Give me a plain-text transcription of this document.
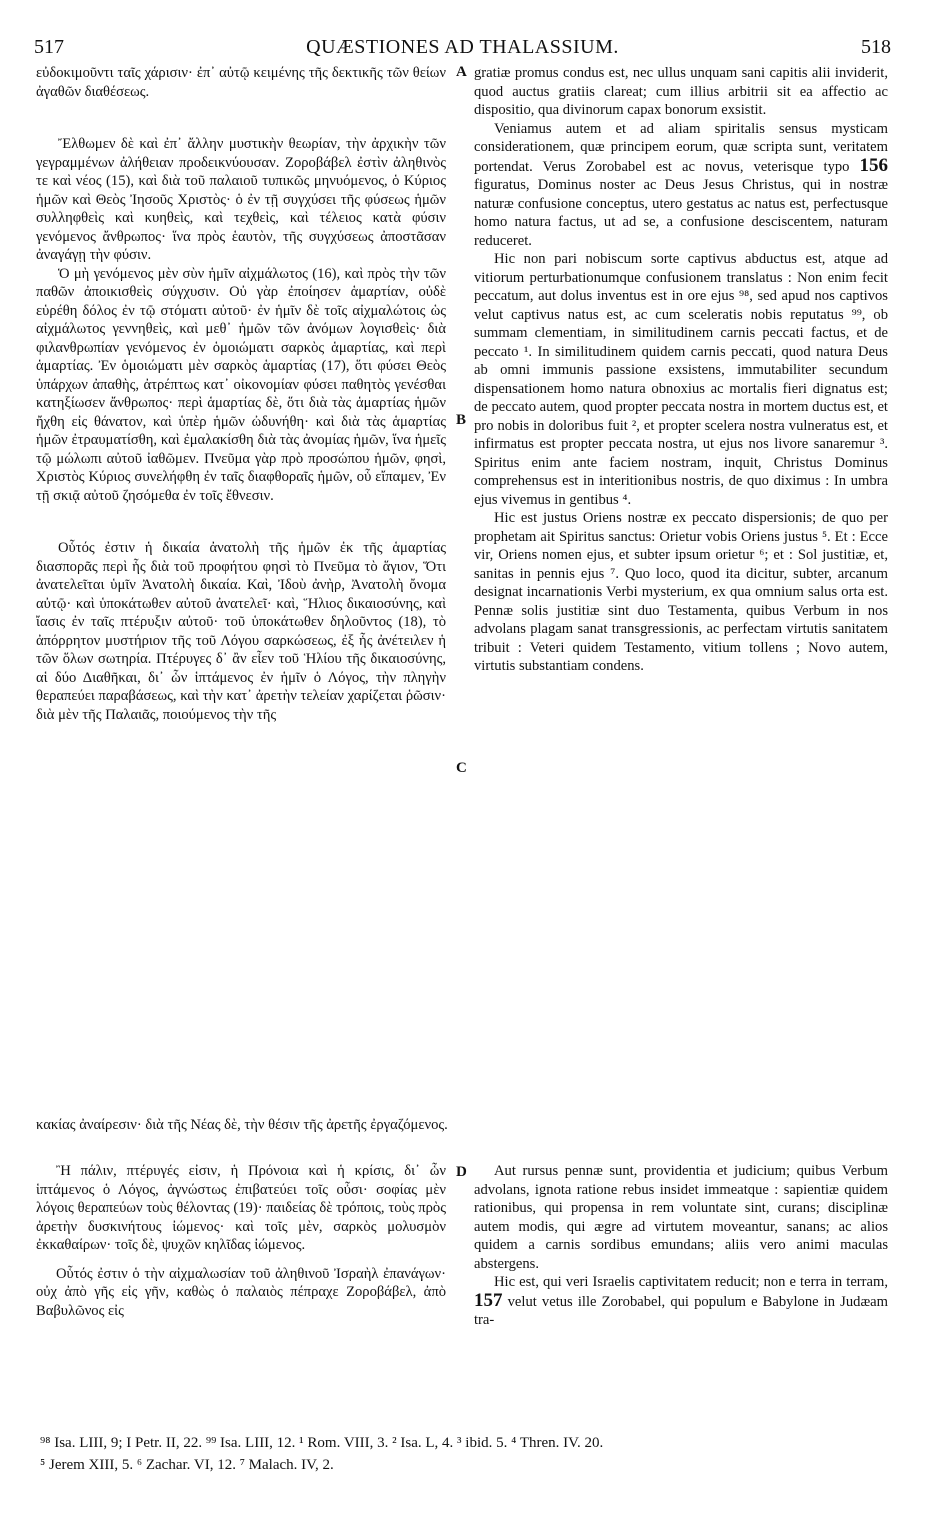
517	QUÆSTIONES AD THALASSIUM.	518

εὐδοκιμοῦντι ταῖς χάρισιν· ἐπ᾽ αὐτῷ κειμένης τῆς δεκτικῆς τῶν θείων ἀγαθῶν διαθέσεως.

Ἔλθωμεν δὲ καὶ ἐπ᾽ ἄλλην μυστικὴν θεωρίαν, τὴν ἀρχικὴν τῶν γεγραμμένων ἀλήθειαν προδεικνύουσαν. Ζοροβάβελ ἐστὶν ἀληθινὸς τε καὶ νέος (15), καὶ διὰ τοῦ παλαιοῦ τυπικῶς μηνυόμενος, ὁ Κύριος ἡμῶν καὶ Θεὸς Ἰησοῦς Χριστὸς· ὁ ἐν τῇ συγχύσει τῆς φύσεως ἡμῶν συλληφθεὶς καὶ κυηθεὶς, καὶ τεχθεὶς, καὶ τέλειος κατὰ φύσιν γενόμενος ἄνθρωπος· ἵνα πρὸς ἑαυτὸν, τῆς συγχύσεως ἀποστᾶσαν ἀναγάγῃ τὴν φύσιν.

Ὁ μὴ γενόμενος μὲν σὺν ἡμῖν αἰχμάλωτος (16), καὶ πρὸς τὴν τῶν παθῶν ἀποικισθεὶς σύγχυσιν. Οὐ γὰρ ἐποίησεν ἁμαρτίαν, οὐδὲ εὑρέθη δόλος ἐν τῷ στόματι αὐτοῦ· ἐν ἡμῖν δὲ τοῖς αἰχμαλώτοις ὡς αἰχμάλωτος γεννηθεὶς, καὶ μεθ᾽ ἡμῶν τῶν ἀνόμων λογισθεὶς· διὰ φιλανθρωπίαν γενόμενος ἐν ὁμοιώματι σαρκὸς ἁμαρτίας, καὶ περὶ ἁμαρτίας. Ἐν ὁμοιώματι μὲν σαρκὸς ἁμαρτίας (17), ὅτι φύσει Θεὸς ὑπάρχων ἀπαθὴς, ἀτρέπτως κατ᾽ οἰκονομίαν φύσει παθητὸς γενέσθαι κατηξίωσεν ἄνθρωπος· περὶ ἁμαρτίας δὲ, ὅτι διὰ τὰς ἁμαρτίας ἡμῶν ἤχθη εἰς θάνατον, καὶ ὑπὲρ ἡμῶν ὠδυνήθη· καὶ διὰ τὰς ἁμαρτίας ἡμῶν ἐτραυματίσθη, καὶ ἐμαλακίσθη διὰ τὰς ἀνομίας ἡμῶν, ἵνα ἡμεῖς τῷ μώλωπι αὐτοῦ ἰαθῶμεν. Πνεῦμα γὰρ πρὸ προσώπου ἡμῶν, φησὶ, Χριστὸς Κύριος συνελήφθη ἐν ταῖς διαφθοραῖς ἡμῶν, οὗ εἴπαμεν, Ἐν τῇ σκιᾷ αὐτοῦ ζησόμεθα ἐν τοῖς ἔθνεσιν.

Οὗτός ἐστιν ἡ δικαία ἀνατολὴ τῆς ἡμῶν ἐκ τῆς ἁμαρτίας διασπορᾶς περὶ ἧς διὰ τοῦ προφήτου φησὶ τὸ Πνεῦμα τὸ ἅγιον, Ὅτι ἀνατελεῖται ὑμῖν Ἀνατολὴ δικαία. Καὶ, Ἰδοὺ ἀνὴρ, Ἀνατολὴ ὄνομα αὐτῷ· καὶ ὑποκάτωθεν αὐτοῦ ἀνατελεῖ· καὶ, Ἥλιος δικαιοσύνης, καὶ ἴασις ἐν ταῖς πτέρυξιν αὐτοῦ· τοῦ ὑποκάτωθεν δηλοῦντος (18), τὸ ἀπόρρητον μυστήριον τῆς τοῦ Λόγου σαρκώσεως, ἐξ ἧς ἀνέτειλεν ἡ τῶν ὅλων σωτηρία. Πτέρυγες δ᾽ ἂν εἶεν τοῦ Ἡλίου τῆς δικαιοσύνης, αἱ δύο Διαθῆκαι, δι᾽ ὧν ἱπτάμενος ἐν ἡμῖν ὁ Λόγος, τὴν πληγὴν θεραπεύει παραβάσεως, καὶ τὴν κατ᾽ ἀρετὴν τελείαν χαρίζεται ῥῶσιν· διὰ μὲν τῆς Παλαιᾶς, ποιούμενος τὴν τῆς

gratiæ promus condus est, nec ullus unquam sani capitis alii inviderit, quod auctus gratiis clareat; cum illius arbitrii sit ea affectio ac dispositio, qua divinorum capax bonorum exsistit.

Veniamus autem et ad aliam spiritalis sensus mysticam considerationem, quæ principem eorum, quæ scripta sunt, veritatem portendat. Verus Zorobabel est ac novus, veterisque typo 156 figuratus, Dominus noster ac Deus Jesus Christus, qui in nostræ naturæ confusione conceptus, utero gestatus ac natus est, perfectusque homo natura factus, ut ad se, a confusione desciscentem, naturam reduceret.

Hic non pari nobiscum sorte captivus abductus est, atque ad vitiorum perturbationumque confusionem translatus : Non enim fecit peccatum, aut dolus inventus est in ore ejus ⁹⁸, sed apud nos captivos velut captivus natus est, ac cum sceleratis nobis reputatus ⁹⁹, ob summam clementiam, in similitudinem carnis peccati factus, et de peccato ¹. In similitudinem quidem carnis peccati, quod natura Deus ab omni immunis passione exsistens, immutabiliter secundum dispensationem homo natura obnoxius ac mortalis fieri dignatus est; de peccato autem, quod propter peccata nostra in mortem ductus est, et pro nobis in doloribus fuit ², et propter scelera nostra vulneratus est, et infirmatus est propter peccata nostra, ut ejus nos livore sanaremur ³. Spiritus enim ante faciem nostram, inquit, Christus Dominus comprehensus est in interitionibus nostris, de quo diximus : In umbra ejus vivemus in gentibus ⁴.

Hic est justus Oriens nostræ ex peccato dispersionis; de quo per prophetam ait Spiritus sanctus: Orietur vobis Oriens justus ⁵. Et : Ecce vir, Oriens nomen ejus, et subter ipsum orietur ⁶; et : Sol justitiæ, et, sanitas in pennis ejus ⁷. Quo loco, quod ita dicitur, subter, arcanum designat incarnationis Verbi mysterium, ex qua omnium salus orta est. Pennæ solis justitiæ sint duo Testamenta, quibus Verbum in nos advolans plagam sanat transgressionis, ac perfectam virtutis sanitatem tribuit : Veteri quidem Testamento, vitium tollens ; Novo autem, virtutis substantiam condens.

κακίας ἀναίρεσιν· διὰ τῆς Νέας δὲ, τὴν θέσιν τῆς ἀρετῆς ἐργαζόμενος.

Ἢ πάλιν, πτέρυγές εἰσιν, ἡ Πρόνοια καὶ ἡ κρίσις, δι᾽ ὧν ἱπτάμενος ὁ Λόγος, ἀγνώστως ἐπιβατεύει τοῖς οὖσι· σοφίας μὲν λόγοις θεραπεύων τοὺς θέλοντας (19)· παιδείας δὲ τρόποις, τοὺς πρὸς ἀρετὴν δυσκινήτους ἰώμενος· καὶ τοῖς μὲν, σαρκὸς μολυσμὸν ἐκκαθαίρων· τοῖς δὲ, ψυχῶν κηλῖδας ἰώμενος.

Οὗτός ἐστιν ὁ τὴν αἰχμαλωσίαν τοῦ ἀληθινοῦ Ἰσραὴλ ἐπανάγων· οὐχ ἀπὸ γῆς εἰς γῆν, καθὼς ὁ παλαιὸς πέπραχε Ζοροβάβελ, ἀπὸ Βαβυλῶνος εἰς

Aut rursus pennæ sunt, providentia et judicium; quibus Verbum advolans, ignota ratione rebus insidet immeatque : sapientiæ quidem rationibus, qui propensa in rem voluntate sint, curans; disciplinæ autem modis, qui ægre ad virtutem moveantur, sanans; ac alios quidem a carnis sordibus emundans; aliis vero animi maculas abstergens.

Hic est, qui veri Israelis captivitatem reducit; non e terra in terram, 157 velut vetus ille Zorobabel, qui populum e Babylone in Judæam tra-

A
B
C
D

⁹⁸ Isa. LIII, 9; I Petr. II, 22. ⁹⁹ Isa. LIII, 12. ¹ Rom. VIII, 3. ² Isa. L, 4. ³ ibid. 5. ⁴ Thren. IV. 20.

⁵ Jerem XIII, 5. ⁶ Zachar. VI, 12. ⁷ Malach. IV, 2.
